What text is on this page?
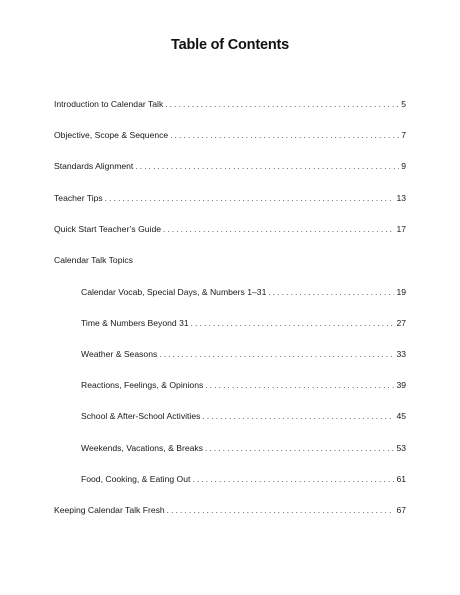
Table of Contents
Introduction to Calendar Talk . . .	5
Objective, Scope & Sequence . . .	7
Standards Alignment . . .	9
Teacher Tips . . .	13
Quick Start Teacher’s Guide . . .	17
Calendar Talk Topics
Calendar Vocab, Special Days, & Numbers 1–31 . . .	19
Time & Numbers Beyond 31 . . .	27
Weather & Seasons . . .	33
Reactions, Feelings, & Opinions . . .	39
School & After-School Activities . . .	45
Weekends, Vacations, & Breaks . . .	53
Food, Cooking, & Eating Out . . .	61
Keeping Calendar Talk Fresh . . .	67
